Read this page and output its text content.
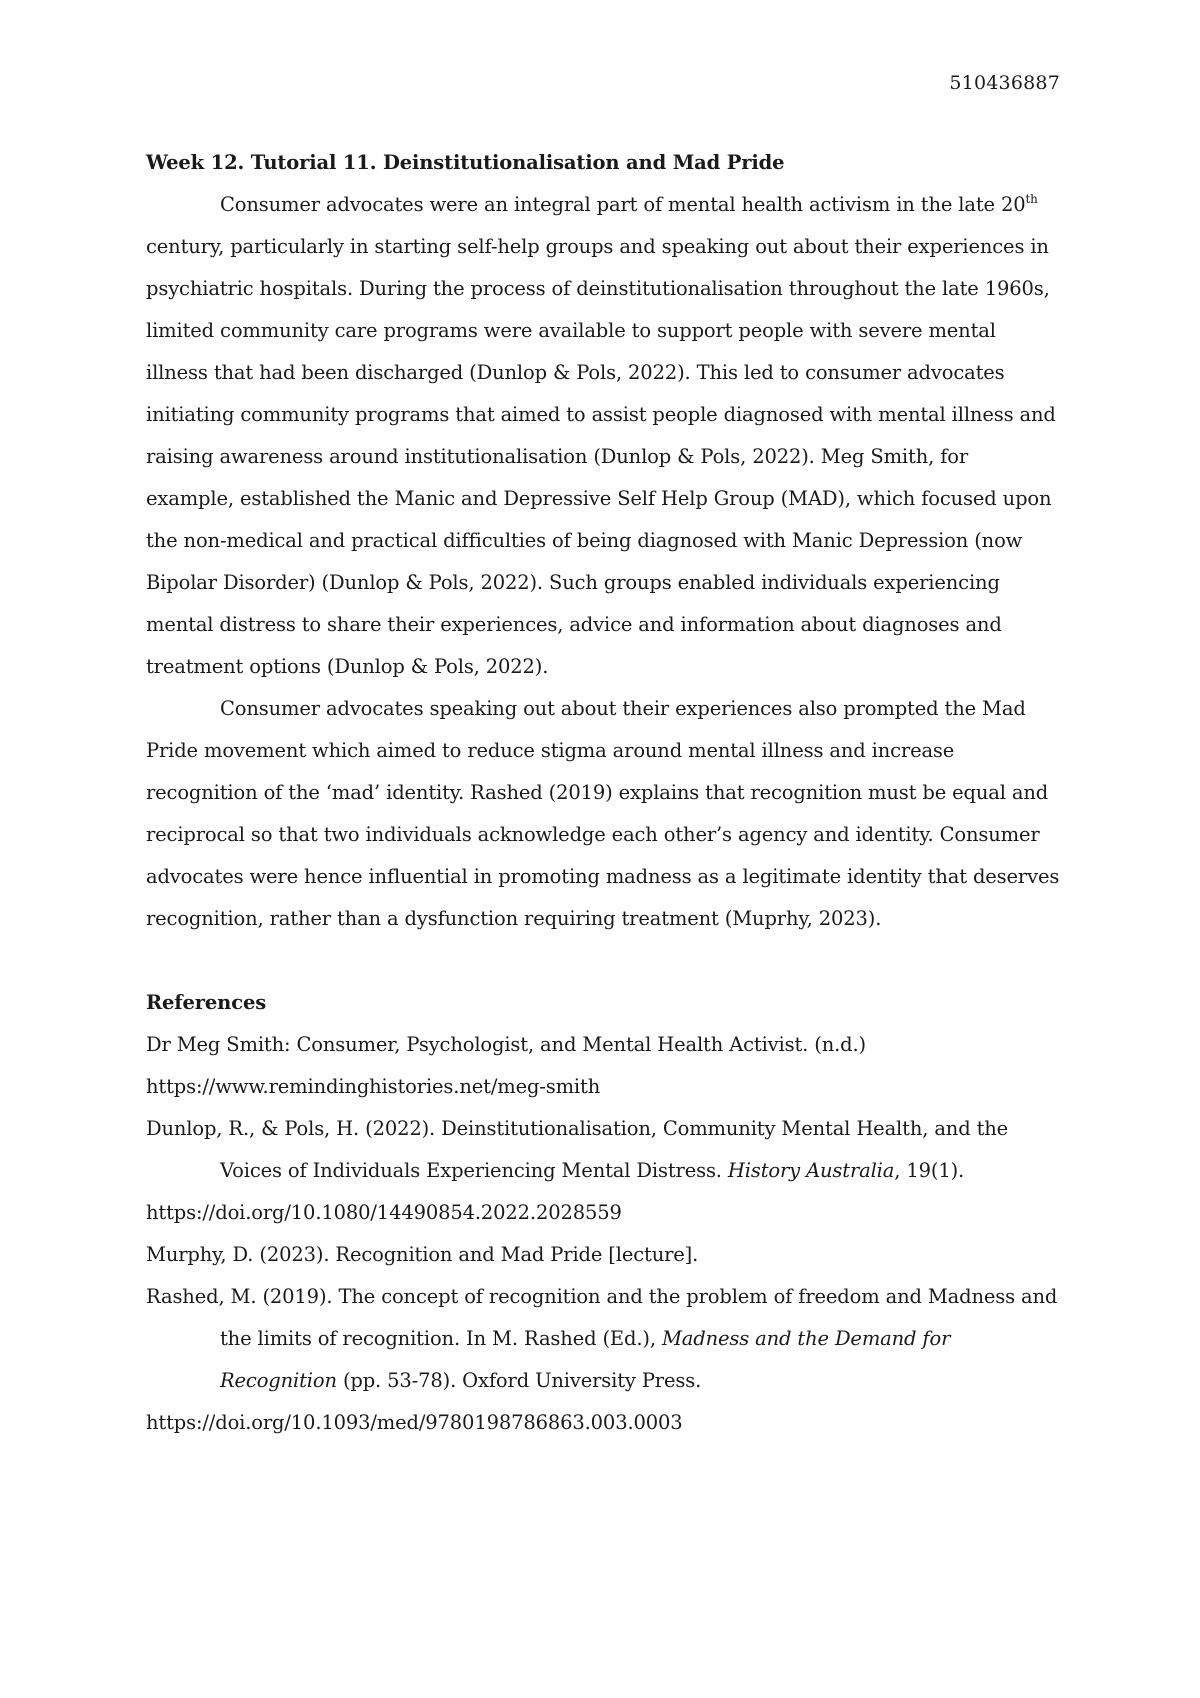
510436887

Week 12. Tutorial 11. Deinstitutionalisation and Mad Pride

Consumer advocates were an integral part of mental health activism in the late 20th century, particularly in starting self-help groups and speaking out about their experiences in psychiatric hospitals. During the process of deinstitutionalisation throughout the late 1960s, limited community care programs were available to support people with severe mental illness that had been discharged (Dunlop & Pols, 2022). This led to consumer advocates initiating community programs that aimed to assist people diagnosed with mental illness and raising awareness around institutionalisation (Dunlop & Pols, 2022). Meg Smith, for example, established the Manic and Depressive Self Help Group (MAD), which focused upon the non-medical and practical difficulties of being diagnosed with Manic Depression (now Bipolar Disorder) (Dunlop & Pols, 2022). Such groups enabled individuals experiencing mental distress to share their experiences, advice and information about diagnoses and treatment options (Dunlop & Pols, 2022).

Consumer advocates speaking out about their experiences also prompted the Mad Pride movement which aimed to reduce stigma around mental illness and increase recognition of the ‘mad’ identity. Rashed (2019) explains that recognition must be equal and reciprocal so that two individuals acknowledge each other’s agency and identity. Consumer advocates were hence influential in promoting madness as a legitimate identity that deserves recognition, rather than a dysfunction requiring treatment (Muprhy, 2023).

References

Dr Meg Smith: Consumer, Psychologist, and Mental Health Activist. (n.d.)
https://www.remindinghistories.net/meg-smith
Dunlop, R., & Pols, H. (2022). Deinstitutionalisation, Community Mental Health, and the Voices of Individuals Experiencing Mental Distress. History Australia, 19(1).
https://doi.org/10.1080/14490854.2022.2028559
Murphy, D. (2023). Recognition and Mad Pride [lecture].
Rashed, M. (2019). The concept of recognition and the problem of freedom and Madness and the limits of recognition. In M. Rashed (Ed.), Madness and the Demand for Recognition (pp. 53-78). Oxford University Press.
https://doi.org/10.1093/med/9780198786863.003.0003
